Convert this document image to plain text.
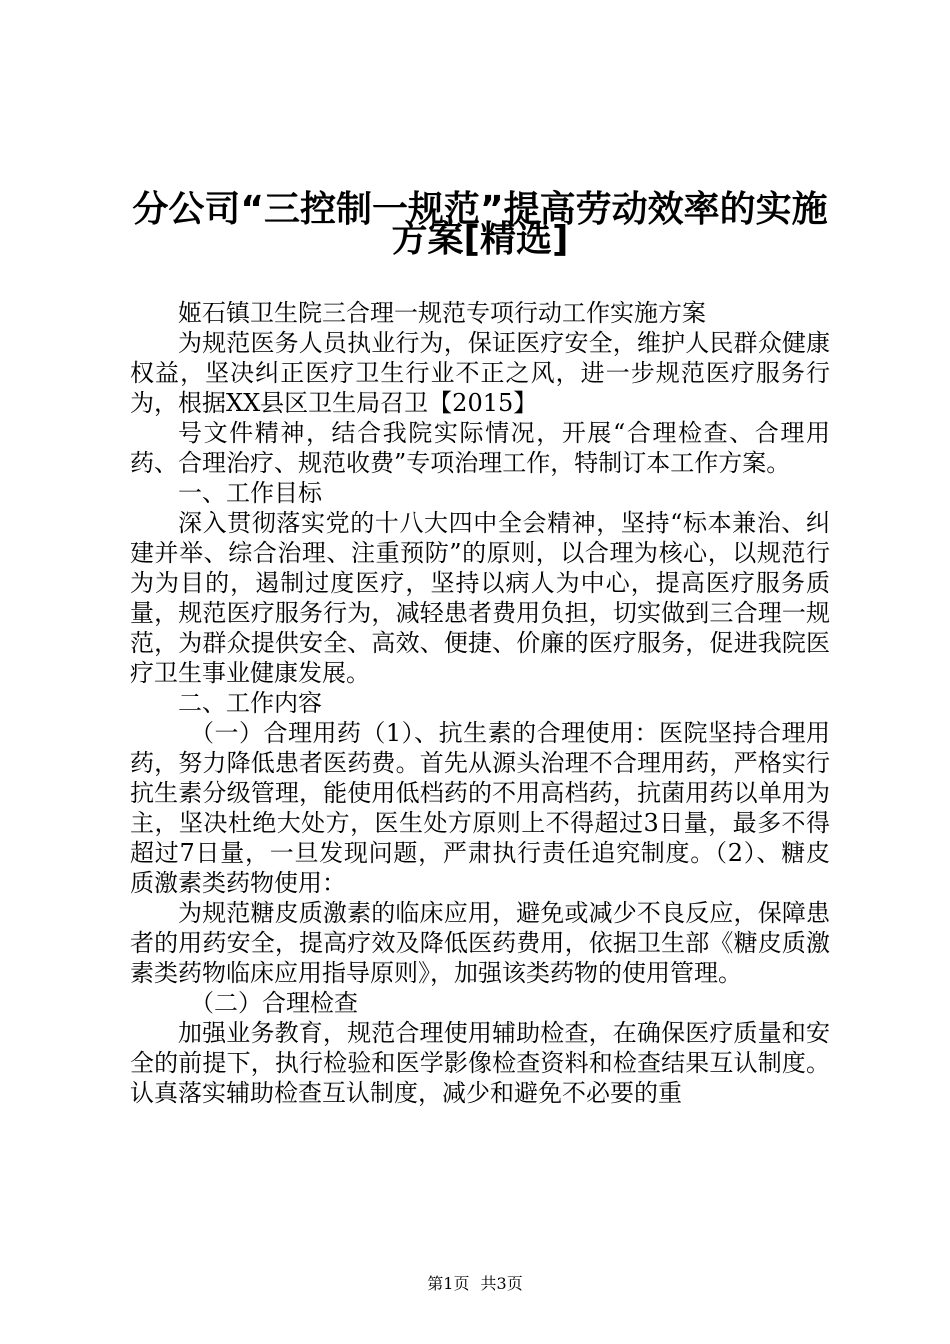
分公司“三控制一规范”提高劳动效率的实施
方案[精选]

姬石镇卫生院三合理一规范专项行动工作实施方案

为规范医务人员执业行为，保证医疗安全，维护人民群众健康权益，坚决纠正医疗卫生行业不正之风，进一步规范医疗服务行为，根据XX县区卫生局召卫【2015】

号文件精神，结合我院实际情况，开展“合理检查、合理用药、合理治疗、规范收费”专项治理工作，特制订本工作方案。

一、工作目标

深入贯彻落实党的十八大四中全会精神，坚持“标本兼治、纠建并举、综合治理、注重预防”的原则，以合理为核心，以规范行为为目的，遏制过度医疗，坚持以病人为中心，提高医疗服务质量，规范医疗服务行为，减轻患者费用负担，切实做到三合理一规范，为群众提供安全、高效、便捷、价廉的医疗服务，促进我院医疗卫生事业健康发展。

二、工作内容

（一）合理用药（1）、抗生素的合理使用：医院坚持合理用药，努力降低患者医药费。首先从源头治理不合理用药，严格实行抗生素分级管理，能使用低档药的不用高档药，抗菌用药以单用为主，坚决杜绝大处方，医生处方原则上不得超过3日量，最多不得超过7日量，一旦发现问题，严肃执行责任追究制度。（2）、糖皮质激素类药物使用：

为规范糖皮质激素的临床应用，避免或减少不良反应，保障患者的用药安全，提高疗效及降低医药费用，依据卫生部《糖皮质激素类药物临床应用指导原则》，加强该类药物的使用管理。

（二）合理检查

加强业务教育，规范合理使用辅助检查，在确保医疗质量和安全的前提下，执行检验和医学影像检查资料和检查结果互认制度。认真落实辅助检查互认制度，减少和避免不必要的重

第1页 共3页
